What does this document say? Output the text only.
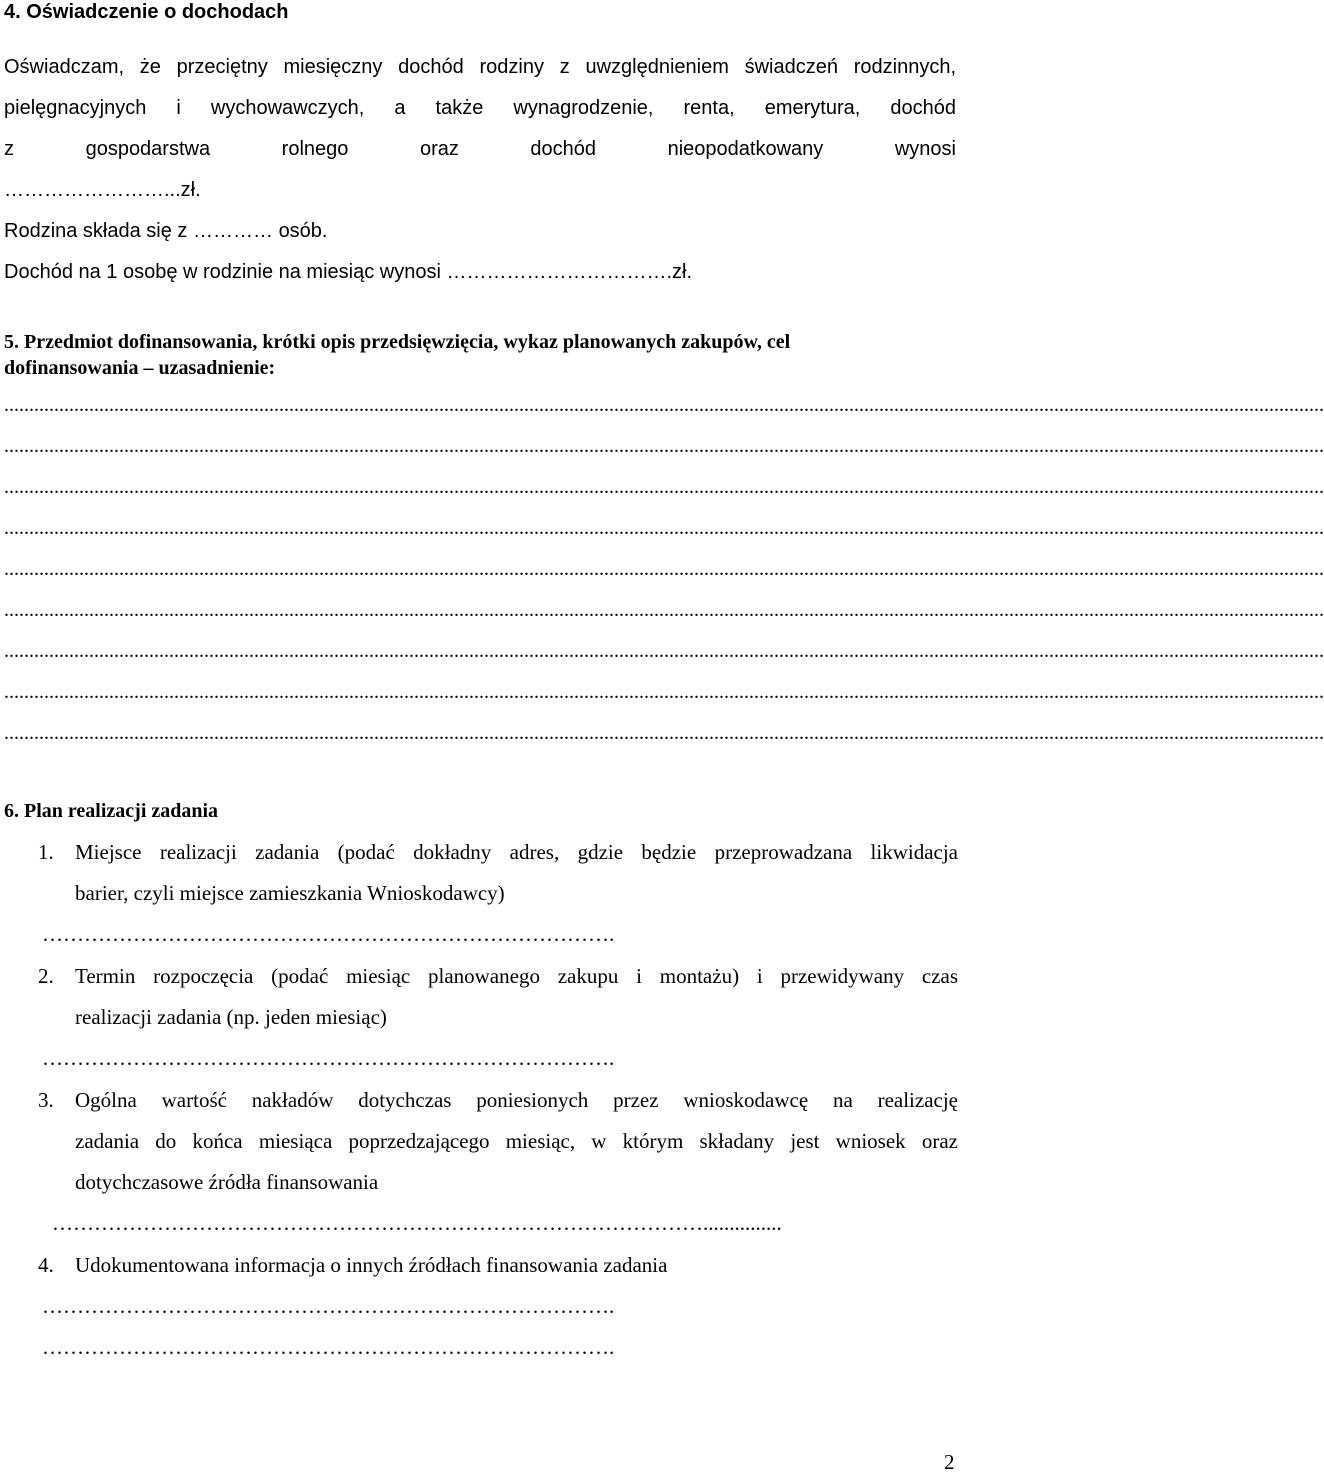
4. Oświadczenie o dochodach
Oświadczam, że przeciętny miesięczny dochód rodziny z uwzględnieniem świadczeń rodzinnych,
pielęgnacyjnych i wychowawczych, a także wynagrodzenie, renta, emerytura, dochód
z gospodarstwa rolnego oraz dochód nieopodatkowany wynosi
……………………...zł.
Rodzina składa się z ………… osób.
Dochód na 1 osobę w rodzinie na miesiąc wynosi …………………………….zł.
5. Przedmiot dofinansowania, krótki opis przedsięwzięcia, wykaz planowanych zakupów, cel
dofinansowania – uzasadnienie:
........................................................................................................................................................................................................................................................................
........................................................................................................................................................................................................................................................................
........................................................................................................................................................................................................................................................................
........................................................................................................................................................................................................................................................................
........................................................................................................................................................................................................................................................................
........................................................................................................................................................................................................................................................................
........................................................................................................................................................................................................................................................................
........................................................................................................................................................................................................................................................................
........................................................................................................................................................................................................................................................................
6. Plan realizacji zadania
1. Miejsce realizacji zadania (podać dokładny adres, gdzie będzie przeprowadzana likwidacja
barier, czyli miejsce zamieszkania Wnioskodawcy)
……………………………………………………………………….
2. Termin rozpoczęcia (podać miesiąc planowanego zakupu i montażu) i przewidywany czas
realizacji zadania (np. jeden miesiąc)
……………………………………………………………………….
3. Ogólna wartość nakładów dotychczas poniesionych przez wnioskodawcę na realizację
zadania do końca miesiąca poprzedzającego miesiąc, w którym składany jest wniosek oraz
dotychczasowe źródła finansowania
…………………………………………………………………………………...............
4. Udokumentowana informacja o innych źródłach finansowania zadania
……………………………………………………………………….
……………………………………………………………………….
2
